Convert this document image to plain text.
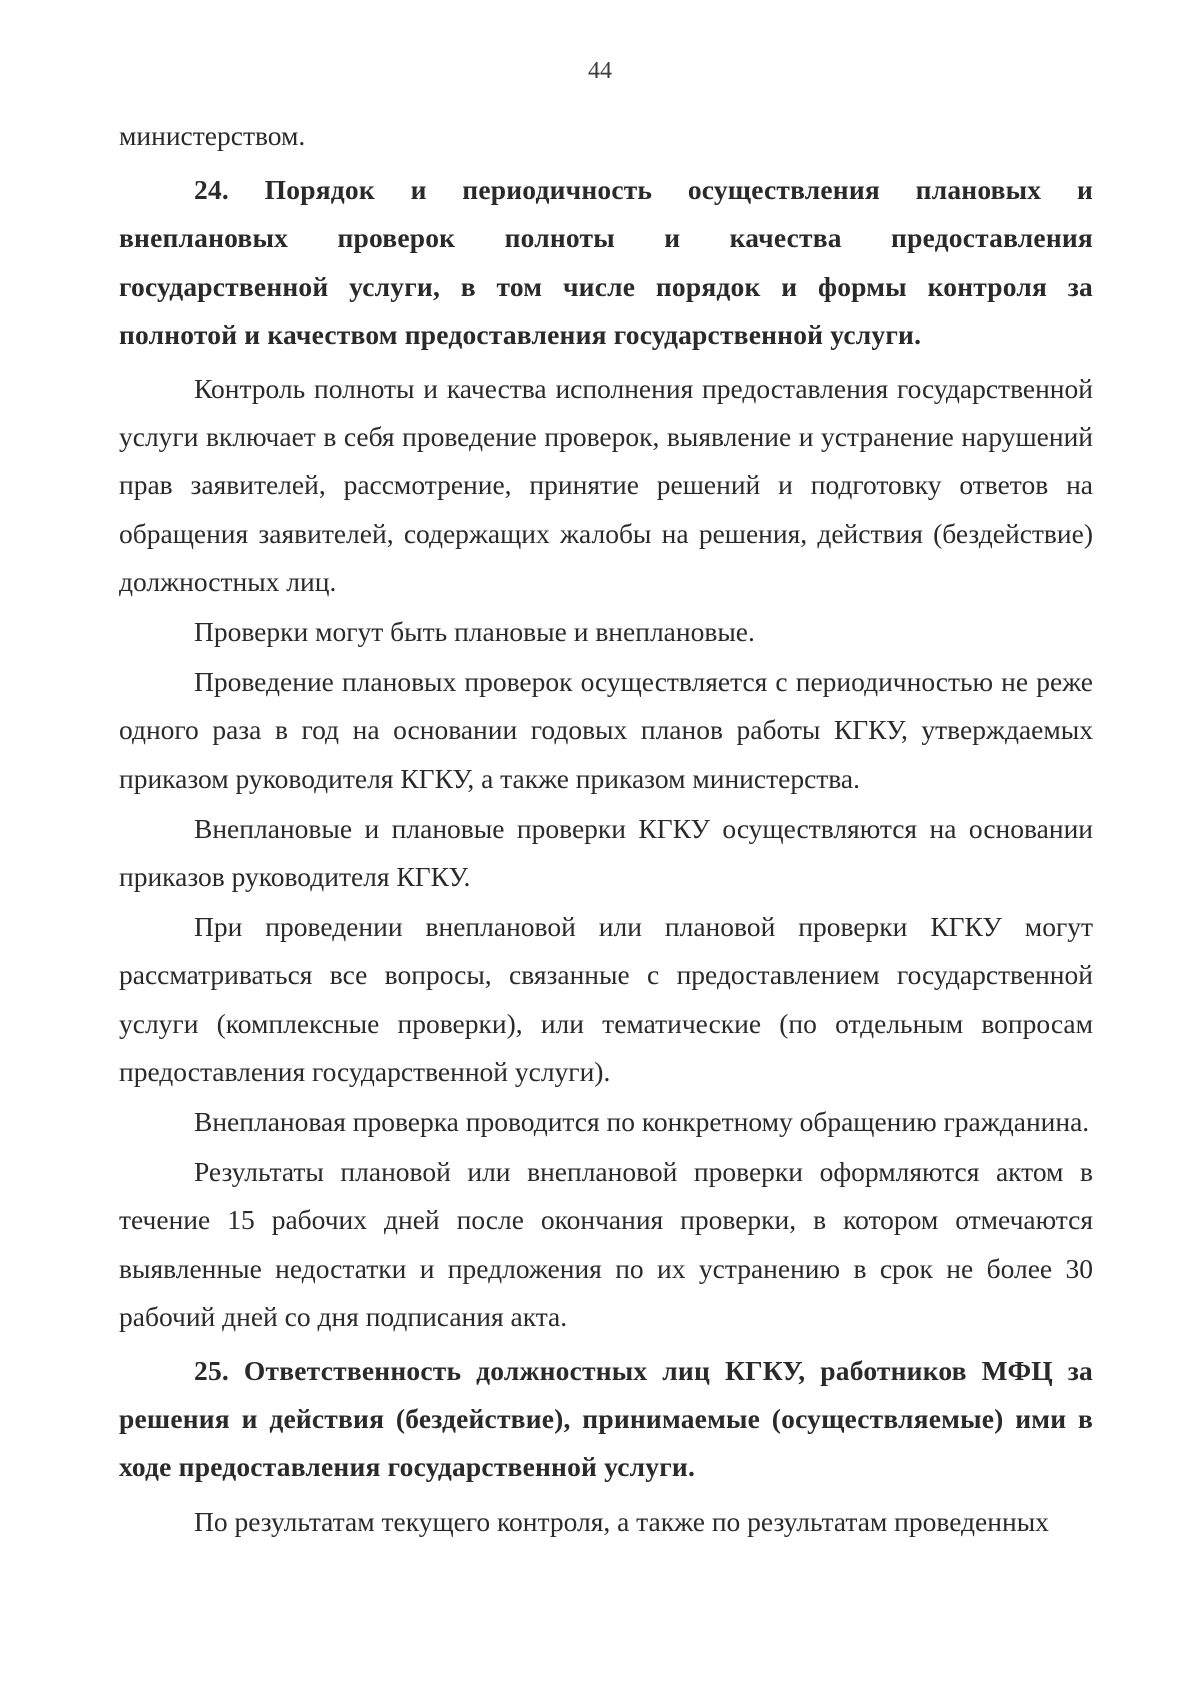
44

министерством.

24. Порядок и периодичность осуществления плановых и внеплановых проверок полноты и качества предоставления государственной услуги, в том числе порядок и формы контроля за полнотой и качеством предоставления государственной услуги.

Контроль полноты и качества исполнения предоставления государственной услуги включает в себя проведение проверок, выявление и устранение нарушений прав заявителей, рассмотрение, принятие решений и подготовку ответов на обращения заявителей, содержащих жалобы на решения, действия (бездействие) должностных лиц.

Проверки могут быть плановые и внеплановые.

Проведение плановых проверок осуществляется с периодичностью не реже одного раза в год на основании годовых планов работы КГКУ, утверждаемых приказом руководителя КГКУ, а также приказом министерства.

Внеплановые и плановые проверки КГКУ осуществляются на основании приказов руководителя КГКУ.

При проведении внеплановой или плановой проверки КГКУ могут рассматриваться все вопросы, связанные с предоставлением государственной услуги (комплексные проверки), или тематические (по отдельным вопросам предоставления государственной услуги).

Внеплановая проверка проводится по конкретному обращению гражданина.

Результаты плановой или внеплановой проверки оформляются актом в течение 15 рабочих дней после окончания проверки, в котором отмечаются выявленные недостатки и предложения по их устранению в срок не более 30 рабочий дней со дня подписания акта.

25. Ответственность должностных лиц КГКУ, работников МФЦ за решения и действия (бездействие), принимаемые (осуществляемые) ими в ходе предоставления государственной услуги.

По результатам текущего контроля, а также по результатам проведенных
